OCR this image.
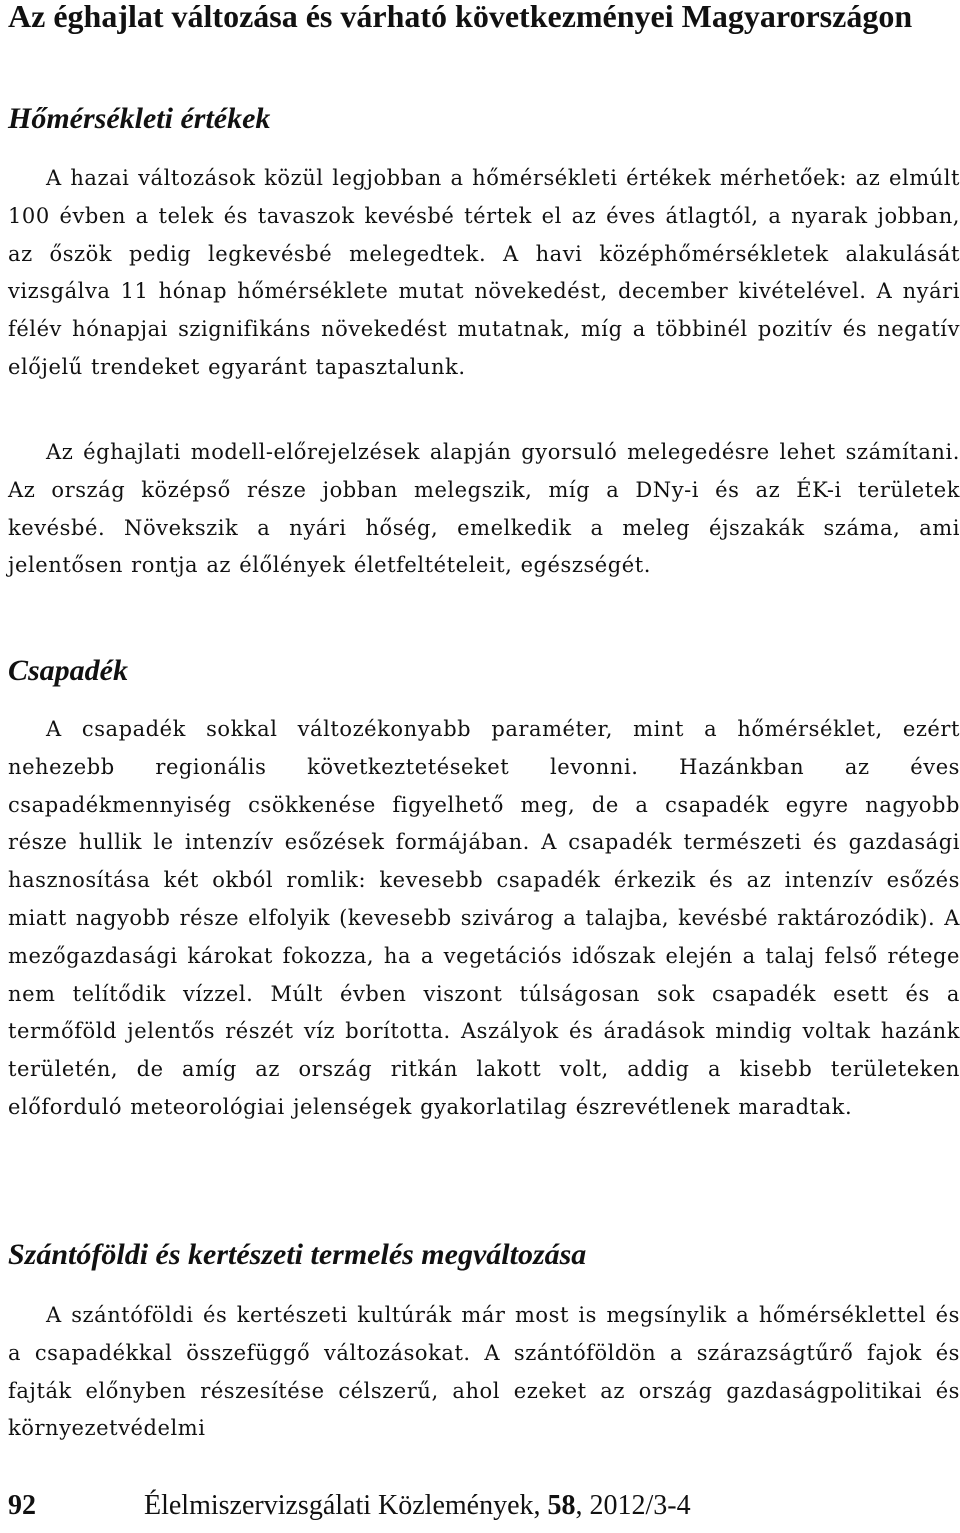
Az éghajlat változása és várható következményei Magyarországon
Hőmérsékleti értékek

A hazai változások közül legjobban a hőmérsékleti értékek mérhetőek: az elmúlt 100 évben a telek és tavaszok kevésbé tértek el az éves átlagtól, a nyarak jobban, az őszök pedig legkevésbé melegedtek. A havi középhőmérsékletek alakulását vizsgálva 11 hónap hőmérséklete mutat növekedést, december kivételével. A nyári félév hónapjai szignifikáns növekedést mutatnak, míg a többinél pozitív és negatív előjelű trendeket egyaránt tapasztalunk.

Az éghajlati modell-előrejelzések alapján gyorsuló melegedésre lehet számítani. Az ország középső része jobban melegszik, míg a DNy-i és az ÉK-i területek kevésbé. Növekszik a nyári hőség, emelkedik a meleg éjszakák száma, ami jelentősen rontja az élőlények életfeltételeit, egészségét.

Csapadék

A csapadék sokkal változékonyabb paraméter, mint a hőmérséklet, ezért nehezebb regionális következtetéseket levonni. Hazánkban az éves csapadékmennyiség csökkenése figyelhető meg, de a csapadék egyre nagyobb része hullik le intenzív esőzések formájában. A csapadék természeti és gazdasági hasznosítása két okból romlik: kevesebb csapadék érkezik és az intenzív esőzés miatt nagyobb része elfolyik (kevesebb szivárog a talajba, kevésbé raktározódik). A mezőgazdasági károkat fokozza, ha a vegetációs időszak elején a talaj felső rétege nem telítődik vízzel. Múlt évben viszont túlságosan sok csapadék esett és a termőföld jelentős részét víz borította. Aszályok és áradások mindig voltak hazánk területén, de amíg az ország ritkán lakott volt, addig a kisebb területeken előforduló meteorológiai jelenségek gyakorlatilag észrevétlenek maradtak.

Szántóföldi és kertészeti termelés megváltozása

A szántóföldi és kertészeti kultúrák már most is megsínylik a hőmérséklettel és a csapadékkal összefüggő változásokat. A szántóföldön a szárazságtűrő fajok és fajták előnyben részesítése célszerű, ahol ezeket az ország gazdaságpolitikai és környezetvédelmi

92	Élelmiszervizsgálati Közlemények, 58, 2012/3-4
